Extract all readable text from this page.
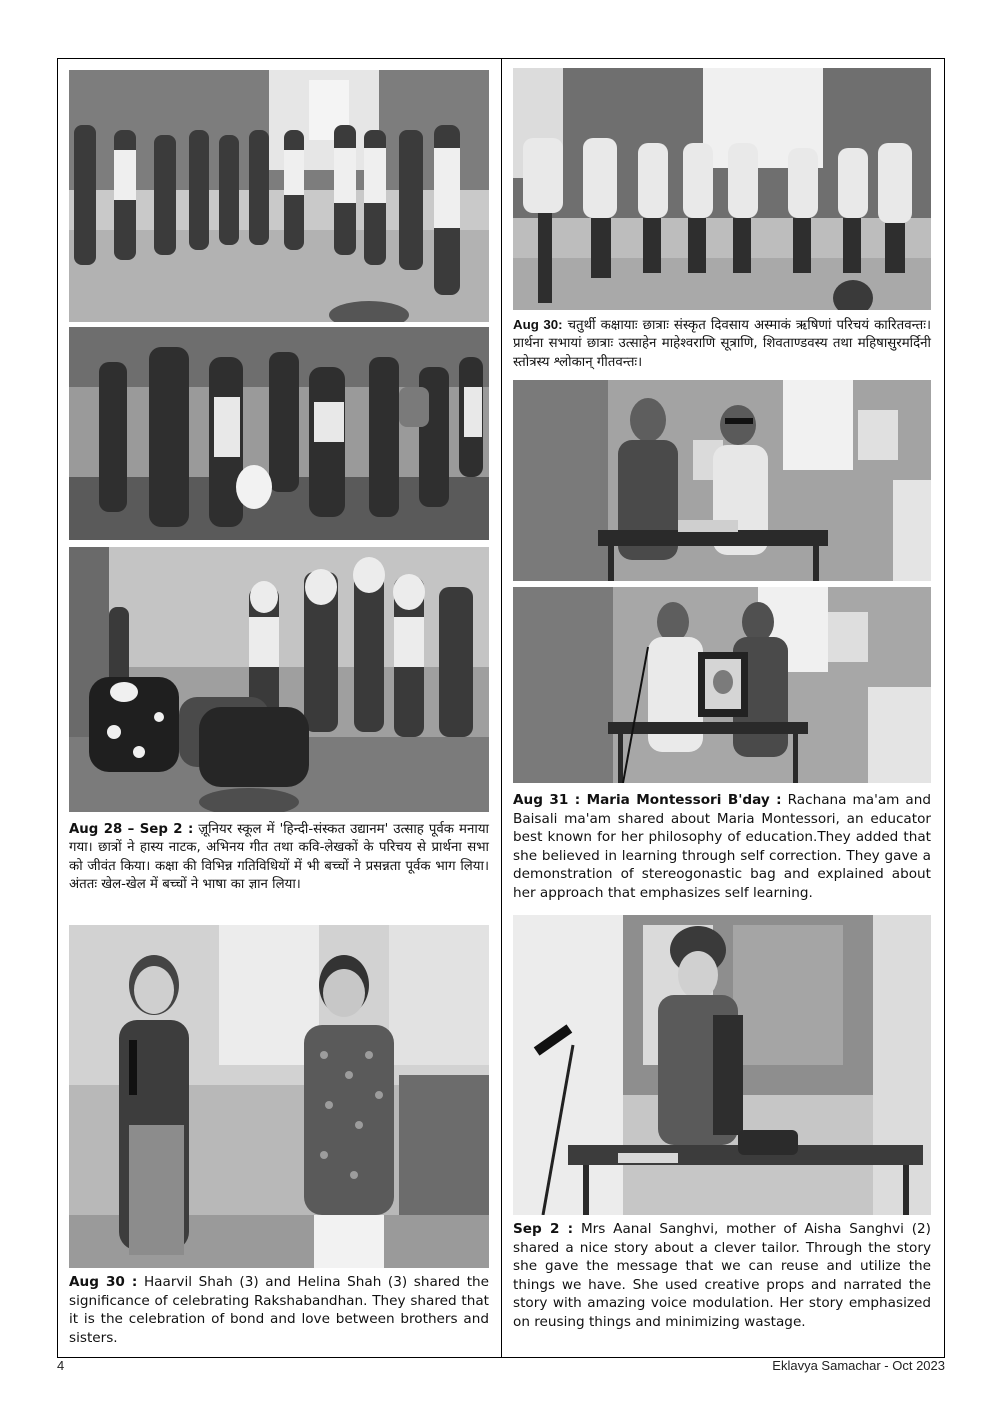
Aug 28 – Sep 2 : ज़ूनियर स्कूल में 'हिन्दी-संस्कत उद्यानम' उत्साह पूर्वक मनाया गया। छात्रों ने हास्य नाटक, अभिनय गीत तथा कवि-लेखकों के परिचय से प्रार्थना सभा को जीवंत किया। कक्षा की विभिन्न गतिविधियों में भी बच्चों ने प्रसन्नता पूर्वक भाग लिया। अंततः खेल-खेल में बच्चों ने भाषा का ज्ञान लिया।
Aug 30 : Haarvil Shah (3) and Helina Shah (3) shared the significance of celebrating Rakshabandhan. They shared that it is the celebration of bond and love between brothers and sisters.
Aug 30: चतुर्थी कक्षायाः छात्राः संस्कृत दिवसाय अस्माकं ऋषिणां परिचयं कारितवन्तः। प्रार्थना सभायां छात्राः उत्साहेन माहेश्वराणि सूत्राणि, शिवताण्डवस्य तथा महिषासुरमर्दिनी स्तोत्रस्य श्लोकान् गीतवन्तः।
Aug 31 : Maria Montessori B'day : Rachana ma'am and Baisali ma'am shared about Maria Montessori, an educator best known for her philosophy of education.They added that she believed in learning through self correction. They gave a demonstration of stereogonastic bag and explained about her approach that emphasizes self learning.
Sep 2 : Mrs Aanal Sanghvi, mother of Aisha Sanghvi (2) shared a nice story about a clever tailor. Through the story she gave the message that we can reuse and utilize the things we have. She used creative props and narrated the story with amazing voice modulation. Her story emphasized on reusing things and minimizing wastage.
4	Eklavya Samachar - Oct 2023
